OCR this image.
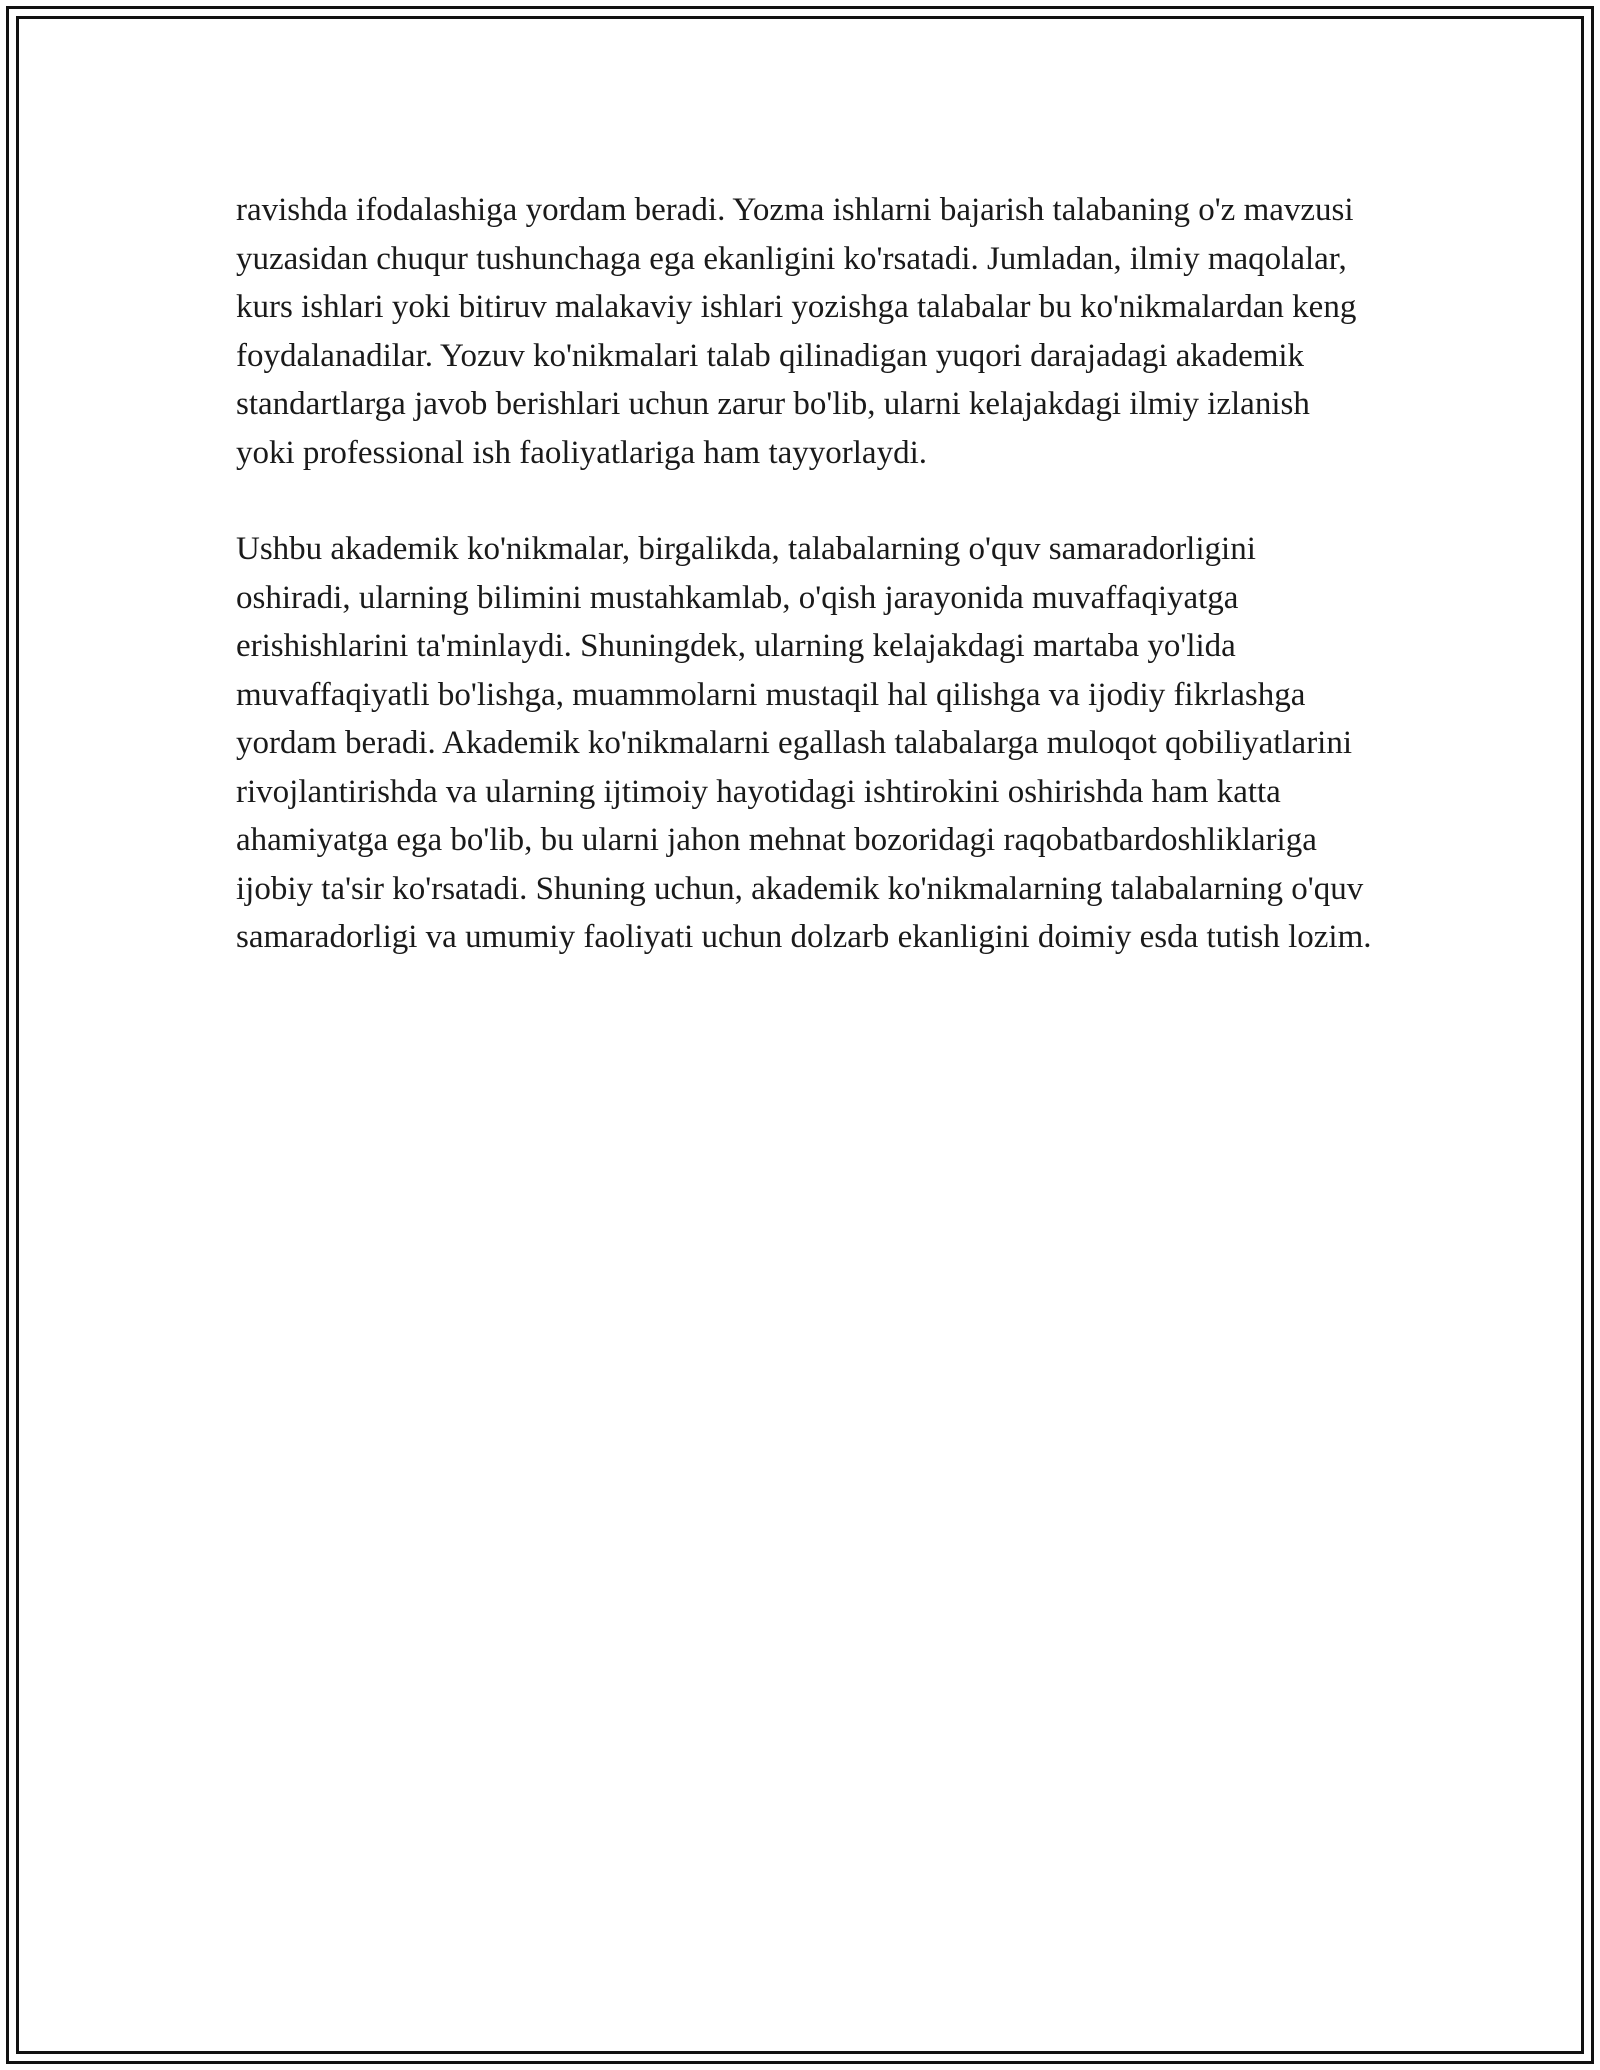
ravishda ifodalashiga yordam beradi. Yozma ishlarni bajarish talabaning o'z mavzusi yuzasidan chuqur tushunchaga ega ekanligini ko'rsatadi. Jumladan, ilmiy maqolalar, kurs ishlari yoki bitiruv malakaviy ishlari yozishga talabalar bu ko'nikmalardan keng foydalanadilar. Yozuv ko'nikmalari talab qilinadigan yuqori darajadagi akademik standartlarga javob berishlari uchun zarur bo'lib, ularni kelajakdagi ilmiy izlanish yoki professional ish faoliyatlariga ham tayyorlaydi.

Ushbu akademik ko'nikmalar, birgalikda, talabalarning o'quv samaradorligini oshiradi, ularning bilimini mustahkamlab, o'qish jarayonida muvaffaqiyatga erishishlarini ta'minlaydi. Shuningdek, ularning kelajakdagi martaba yo'lida muvaffaqiyatli bo'lishga, muammolarni mustaqil hal qilishga va ijodiy fikrlashga yordam beradi. Akademik ko'nikmalarni egallash talabalarga muloqot qobiliyatlarini rivojlantirishda va ularning ijtimoiy hayotidagi ishtirokini oshirishda ham katta ahamiyatga ega bo'lib, bu ularni jahon mehnat bozoridagi raqobatbardoshliklariga ijobiy ta'sir ko'rsatadi. Shuning uchun, akademik ko'nikmalarning talabalarning o'quv samaradorligi va umumiy faoliyati uchun dolzarb ekanligini doimiy esda tutish lozim.
